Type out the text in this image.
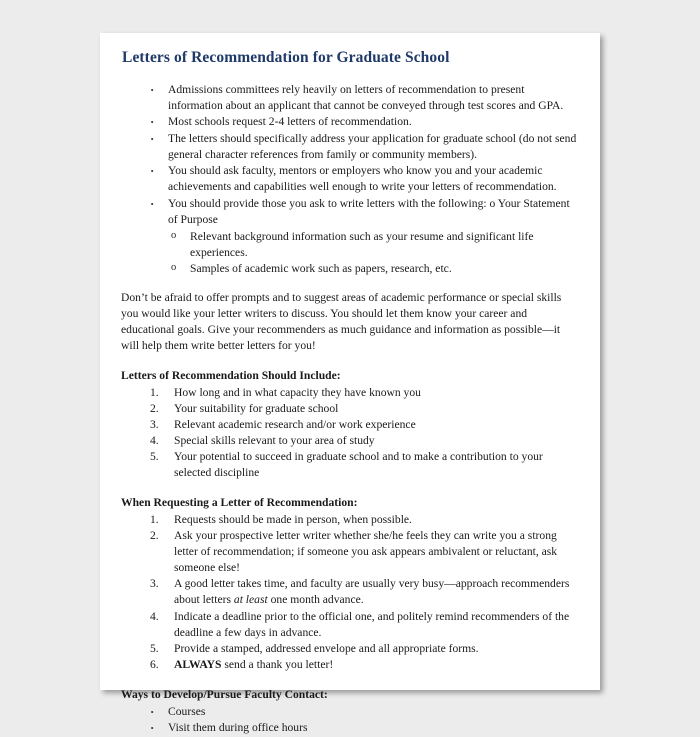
Letters of Recommendation for Graduate School
· Admissions committees rely heavily on letters of recommendation to present information about an applicant that cannot be conveyed through test scores and GPA.
· Most schools request 2-4 letters of recommendation.
· The letters should specifically address your application for graduate school (do not send general character references from family or community members).
· You should ask faculty, mentors or employers who know you and your academic achievements and capabilities well enough to write your letters of recommendation.
· You should provide those you ask to write letters with the following: o Your Statement of Purpose
o Relevant background information such as your resume and significant life experiences.
o Samples of academic work such as papers, research, etc.

Don’t be afraid to offer prompts and to suggest areas of academic performance or special skills you would like your letter writers to discuss. You should let them know your career and educational goals. Give your recommenders as much guidance and information as possible—it will help them write better letters for you!

Letters of Recommendation Should Include:
How long and in what capacity they have known you
Your suitability for graduate school
Relevant academic research and/or work experience
Special skills relevant to your area of study
Your potential to succeed in graduate school and to make a contribution to your selected discipline
When Requesting a Letter of Recommendation:
Requests should be made in person, when possible.
Ask your prospective letter writer whether she/he feels they can write you a strong letter of recommendation; if someone you ask appears ambivalent or reluctant, ask someone else!
A good letter takes time, and faculty are usually very busy—approach recommenders about letters at least one month advance.
Indicate a deadline prior to the official one, and politely remind recommenders of the deadline a few days in advance.
Provide a stamped, addressed envelope and all appropriate forms.
ALWAYS send a thank you letter!
Ways to Develop/Pursue Faculty Contact:
· Courses
· Visit them during office hours
